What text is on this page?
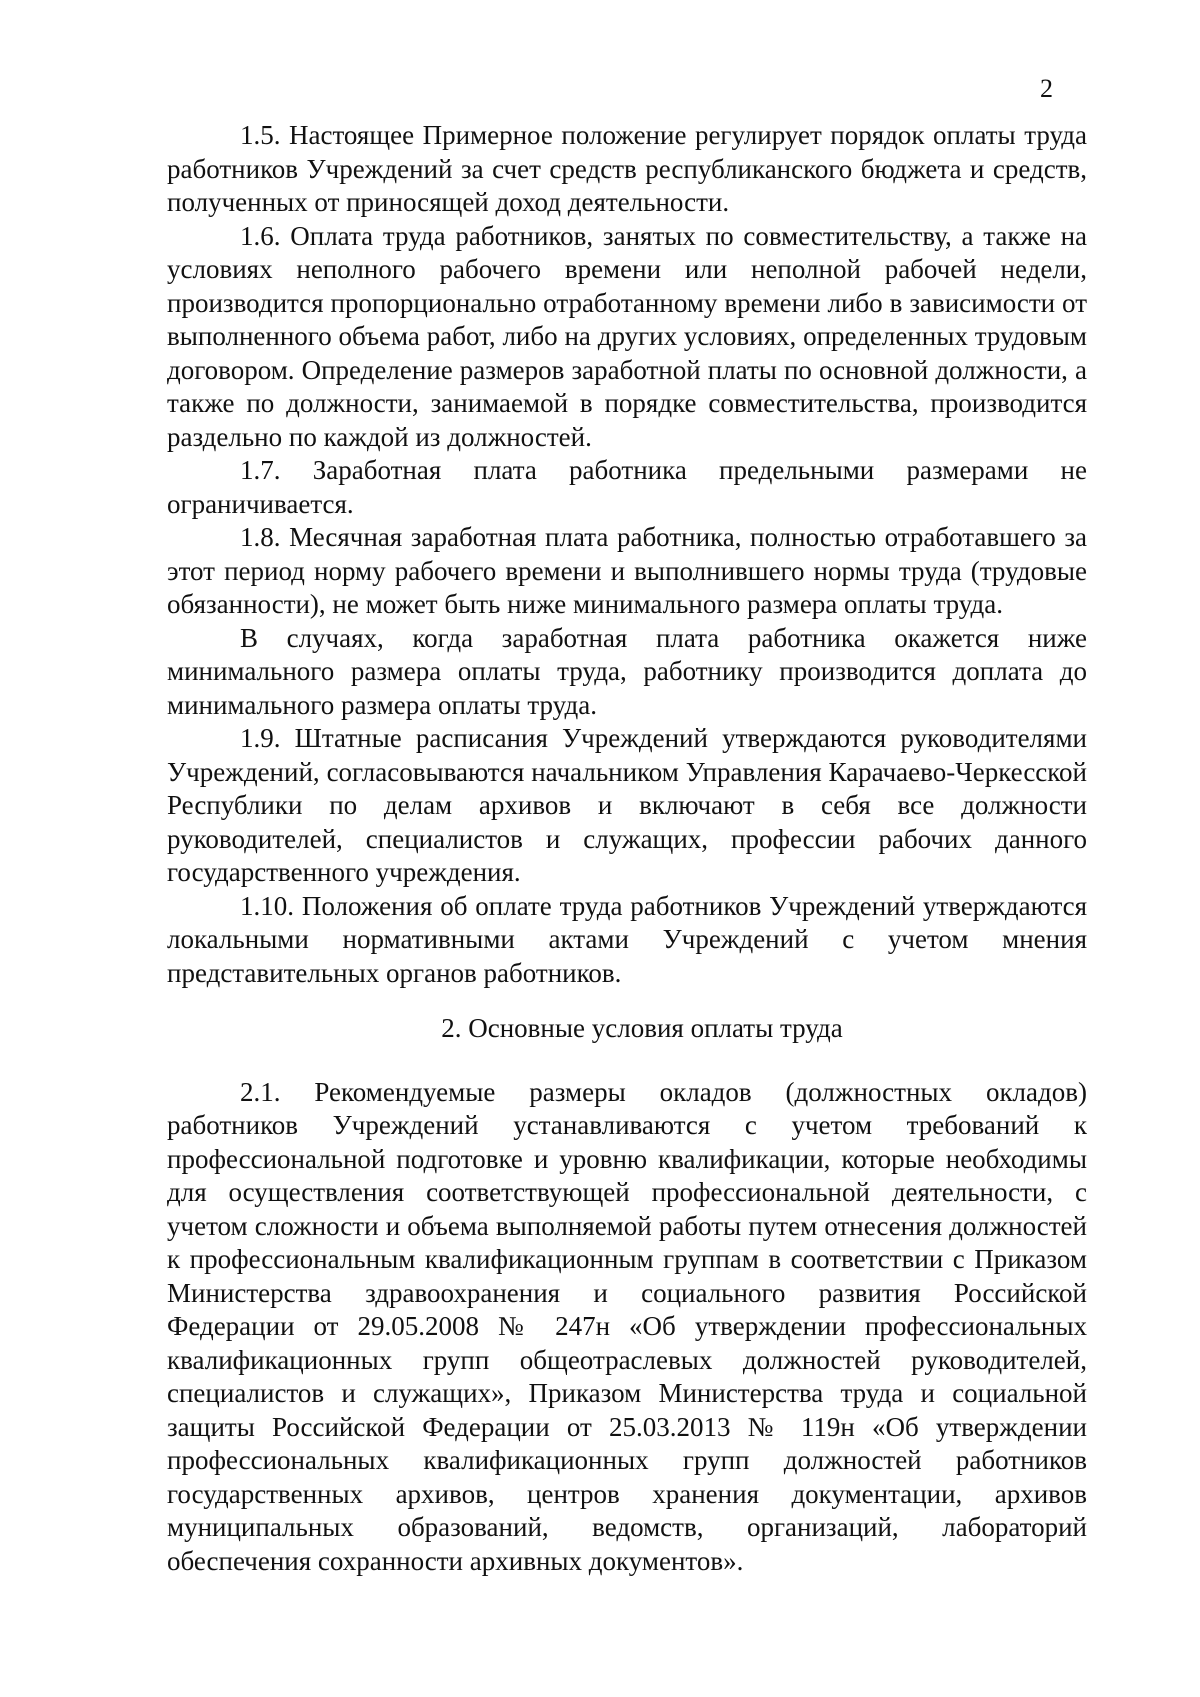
2

1.5. Настоящее Примерное положение регулирует порядок оплаты труда работников Учреждений за счет средств республиканского бюджета и средств, полученных от приносящей доход деятельности.

1.6. Оплата труда работников, занятых по совместительству, а также на условиях неполного рабочего времени или неполной рабочей недели, производится пропорционально отработанному времени либо в зависимости от выполненного объема работ, либо на других условиях, определенных трудовым договором. Определение размеров заработной платы по основной должности, а также по должности, занимаемой в порядке совместительства, производится раздельно по каждой из должностей.

1.7. Заработная плата работника предельными размерами не ограничивается.

1.8. Месячная заработная плата работника, полностью отработавшего за этот период норму рабочего времени и выполнившего нормы труда (трудовые обязанности), не может быть ниже минимального размера оплаты труда.

В случаях, когда заработная плата работника окажется ниже минимального размера оплаты труда, работнику производится доплата до минимального размера оплаты труда.

1.9. Штатные расписания Учреждений утверждаются руководителями Учреждений, согласовываются начальником Управления Карачаево-Черкесской Республики по делам архивов и включают в себя все должности руководителей, специалистов и служащих, профессии рабочих данного государственного учреждения.

1.10. Положения об оплате труда работников Учреждений утверждаются локальными нормативными актами Учреждений с учетом мнения представительных органов работников.

2. Основные условия оплаты труда

2.1. Рекомендуемые размеры окладов (должностных окладов) работников Учреждений устанавливаются с учетом требований к профессиональной подготовке и уровню квалификации, которые необходимы для осуществления соответствующей профессиональной деятельности, с учетом сложности и объема выполняемой работы путем отнесения должностей к профессиональным квалификационным группам в соответствии с Приказом Министерства здравоохранения и социального развития Российской Федерации от 29.05.2008 № 247н «Об утверждении профессиональных квалификационных групп общеотраслевых должностей руководителей, специалистов и служащих», Приказом Министерства труда и социальной защиты Российской Федерации от 25.03.2013 № 119н «Об утверждении профессиональных квалификационных групп должностей работников государственных архивов, центров хранения документации, архивов муниципальных образований, ведомств, организаций, лабораторий обеспечения сохранности архивных документов».
